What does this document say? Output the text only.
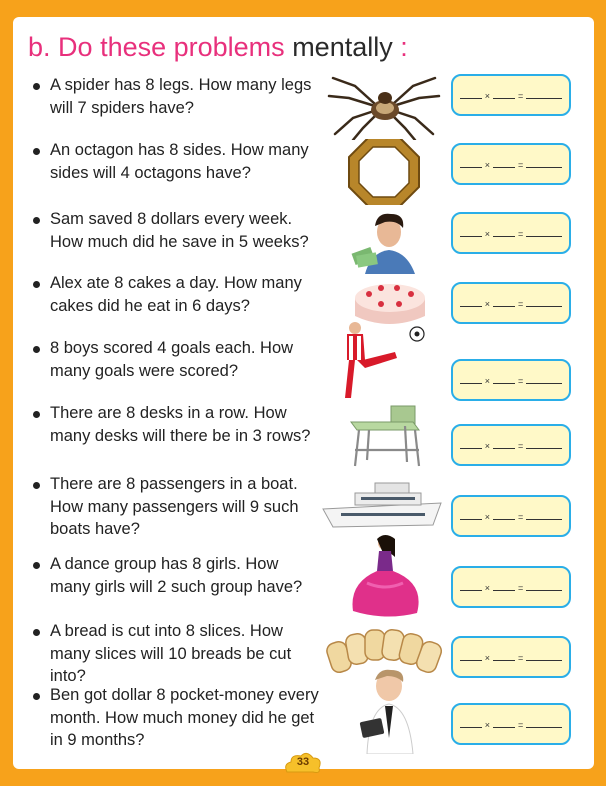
b. Do these problems mentally :
A spider has 8 legs. How many legs will 7 spiders have?
×	=
An octagon has 8 sides. How many sides will 4 octagons have?	×	=
Sam saved 8 dollars every week. How much did he save in 5 weeks?	×	=
Alex ate 8 cakes a day. How many cakes did he eat in 6 days?	×	=
8 boys scored 4 goals each. How many goals were scored?
×	=
There are 8 desks in a row. How many desks will there be in 3 rows?
×	=
There are 8 passengers in a boat. How many passengers will 9 such boats have?
×	=
A dance group has 8 girls. How many girls will 2 such group have?	×	=
A bread is cut into 8 slices. How many slices will 10 breads be cut into?
×	=
Ben got dollar 8 pocket-money every month. How much money did he get in 9 months?
×	=
33
